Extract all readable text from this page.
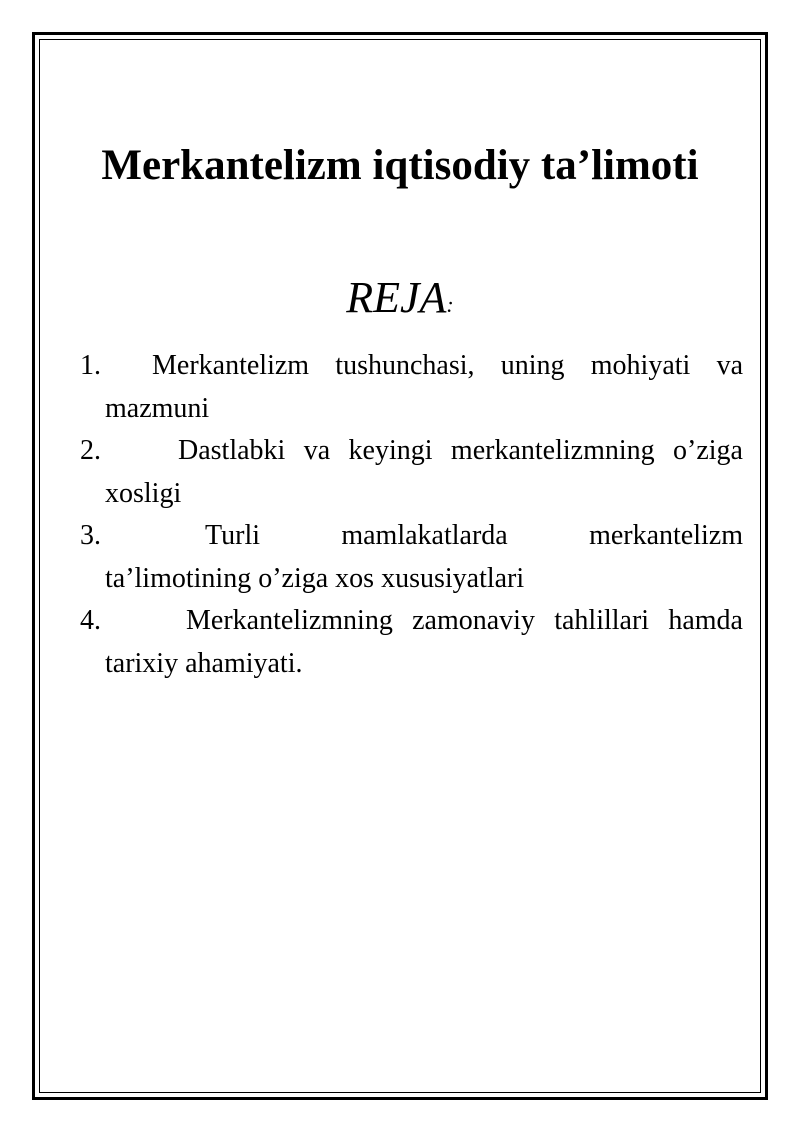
Merkantelizm iqtisodiy ta’limoti
REJA:
1. Merkantelizm tushunchasi, uning mohiyati va mazmuni
2.	Dastlabki va keyingi merkantelizmning o’ziga xosligi
3.	Turli mamlakatlarda merkantelizm ta’limotining o’ziga xos xususiyatlari
4.	Merkantelizmning zamonaviy tahlillari hamda tarixiy ahamiyati.
